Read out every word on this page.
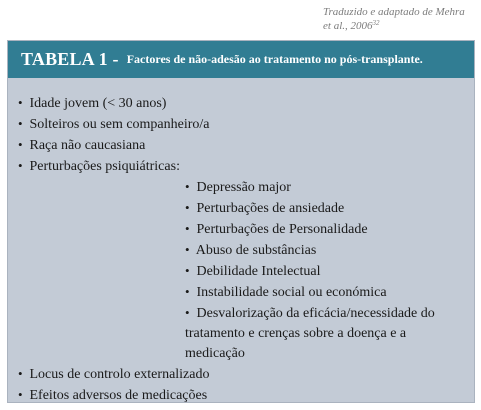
Traduzido e adaptado de Mehra et al., 2006$^{32}$
TABELA 1 - Factores de não-adesão ao tratamento no pós-transplante.
• Idade jovem (< 30 anos)
• Solteiros ou sem companheiro/a
• Raça não caucasiana
• Perturbações psiquiátricas:
• Depressão major
• Perturbações de ansiedade
• Perturbações de Personalidade
• Abuso de substâncias
• Debilidade Intelectual
• Instabilidade social ou económica
• Desvalorização da eficácia/necessidade do tratamento e crenças sobre a doença e a medicação
• Locus de controlo externalizado
• Efeitos adversos de medicações
